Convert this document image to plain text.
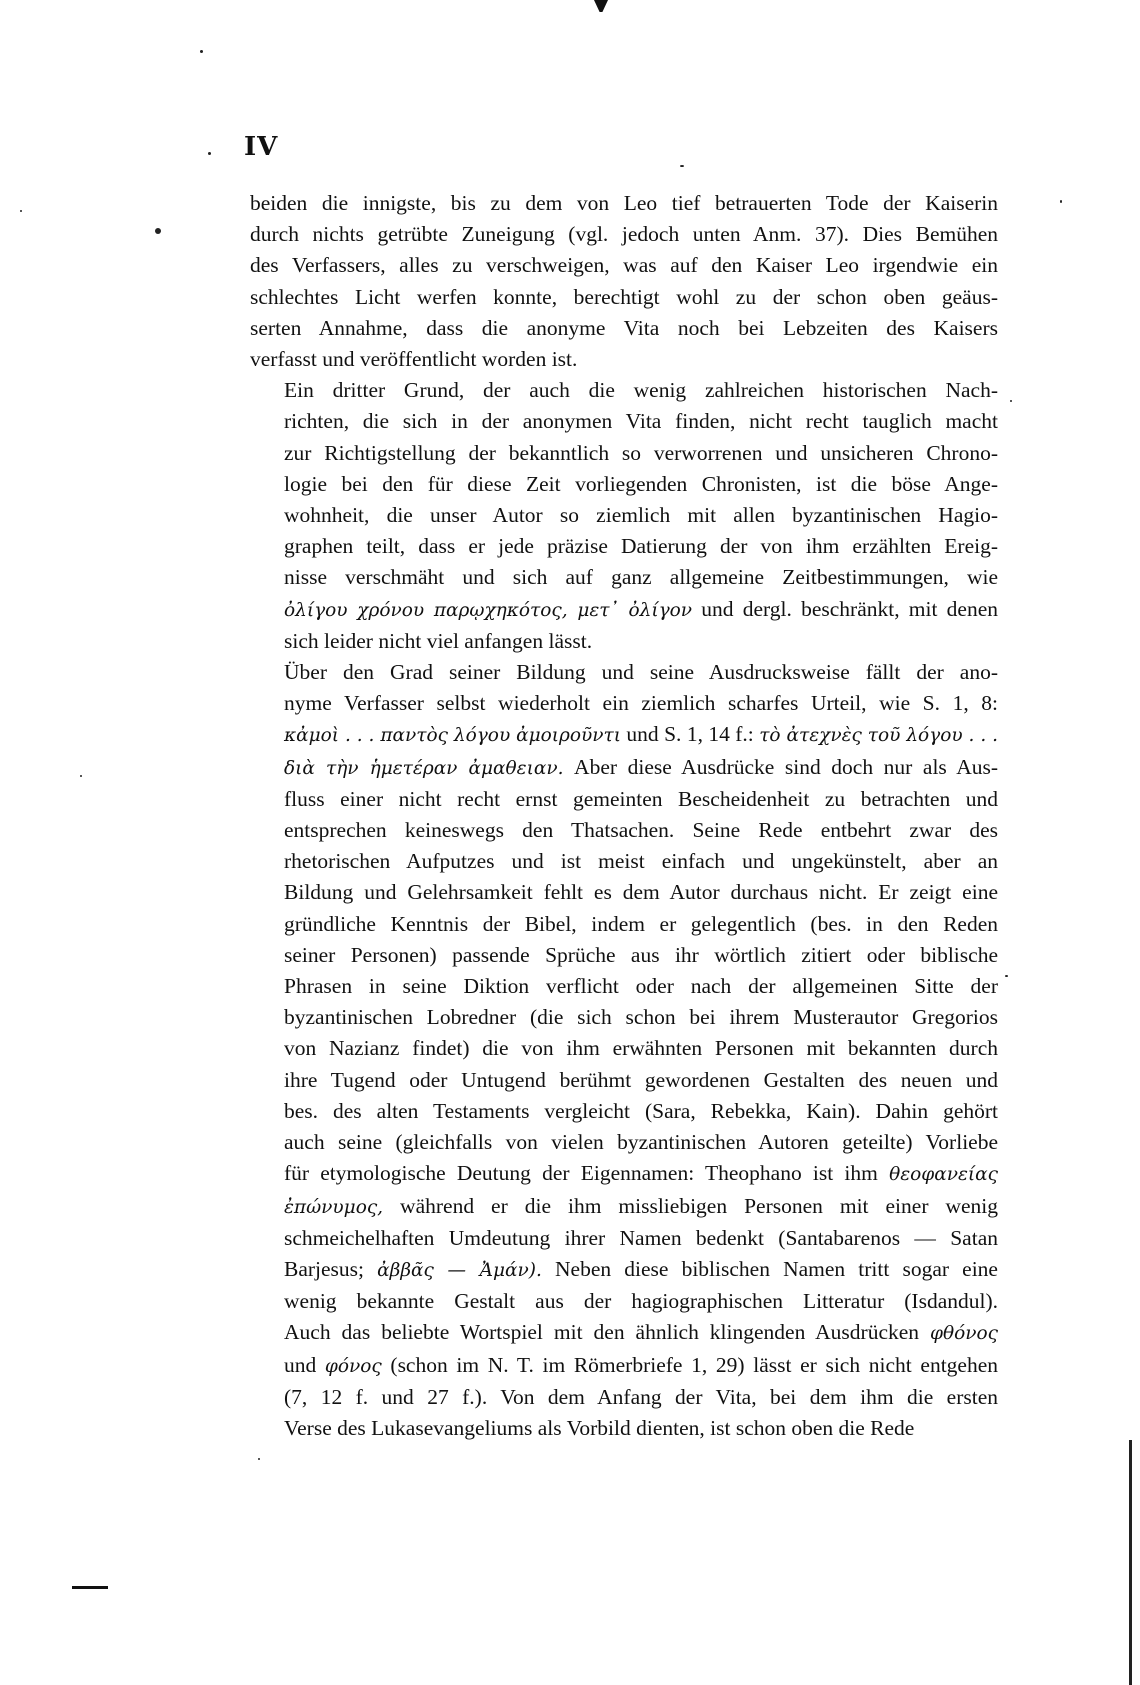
IV
beiden die innigste, bis zu dem von Leo tief betrauerten Tode der Kaiserin
durch nichts getrübte Zuneigung (vgl. jedoch unten Anm. 37). Dies Bemühen
des Verfassers, alles zu verschweigen, was auf den Kaiser Leo irgendwie ein
schlechtes Licht werfen konnte, berechtigt wohl zu der schon oben geäus-
serten Annahme, dass die anonyme Vita noch bei Lebzeiten des Kaisers
verfasst und veröffentlicht worden ist.
Ein dritter Grund, der auch die wenig zahlreichen historischen Nach-
richten, die sich in der anonymen Vita finden, nicht recht tauglich macht
zur Richtigstellung der bekanntlich so verworrenen und unsicheren Chrono-
logie bei den für diese Zeit vorliegenden Chronisten, ist die böse Ange-
wohnheit, die unser Autor so ziemlich mit allen byzantinischen Hagio-
graphen teilt, dass er jede präzise Datierung der von ihm erzählten Ereig-
nisse verschmäht und sich auf ganz allgemeine Zeitbestimmungen, wie
ὀλίγου χρόνου παρῳχηκότος, μετ᾽ ὀλίγον und dergl. beschränkt, mit denen
sich leider nicht viel anfangen lässt.
Über den Grad seiner Bildung und seine Ausdrucksweise fällt der ano-
nyme Verfasser selbst wiederholt ein ziemlich scharfes Urteil, wie S. 1, 8:
κἀμοὶ . . . παντὸς λόγου ἀμοιροῦντι und S. 1, 14 f.: τὸ ἀτεχνὲς τοῦ λόγου . . .
διὰ τὴν ἡμετέραν ἀμαθειαν. Aber diese Ausdrücke sind doch nur als Aus-
fluss einer nicht recht ernst gemeinten Bescheidenheit zu betrachten und
entsprechen keineswegs den Thatsachen. Seine Rede entbehrt zwar des
rhetorischen Aufputzes und ist meist einfach und ungekünstelt, aber an
Bildung und Gelehrsamkeit fehlt es dem Autor durchaus nicht. Er zeigt eine
gründliche Kenntnis der Bibel, indem er gelegentlich (bes. in den Reden
seiner Personen) passende Sprüche aus ihr wörtlich zitiert oder biblische
Phrasen in seine Diktion verflicht oder nach der allgemeinen Sitte der
byzantinischen Lobredner (die sich schon bei ihrem Musterautor Gregorios
von Nazianz findet) die von ihm erwähnten Personen mit bekannten durch
ihre Tugend oder Untugend berühmt gewordenen Gestalten des neuen und
bes. des alten Testaments vergleicht (Sara, Rebekka, Kain). Dahin gehört
auch seine (gleichfalls von vielen byzantinischen Autoren geteilte) Vorliebe
für etymologische Deutung der Eigennamen: Theophano ist ihm θεοφανείας
ἐπώνυμος, während er die ihm missliebigen Personen mit einer wenig
schmeichelhaften Umdeutung ihrer Namen bedenkt (Santabarenos — Satan
Barjesus; ἀββᾶς — Ἀμάν). Neben diese biblischen Namen tritt sogar eine
wenig bekannte Gestalt aus der hagiographischen Litteratur (Isdandul).
Auch das beliebte Wortspiel mit den ähnlich klingenden Ausdrücken φθόνος
und φόνος (schon im N. T. im Römerbriefe 1, 29) lässt er sich nicht entgehen
(7, 12 f. und 27 f.). Von dem Anfang der Vita, bei dem ihm die ersten
Verse des Lukasevangeliums als Vorbild dienten, ist schon oben die Rede
